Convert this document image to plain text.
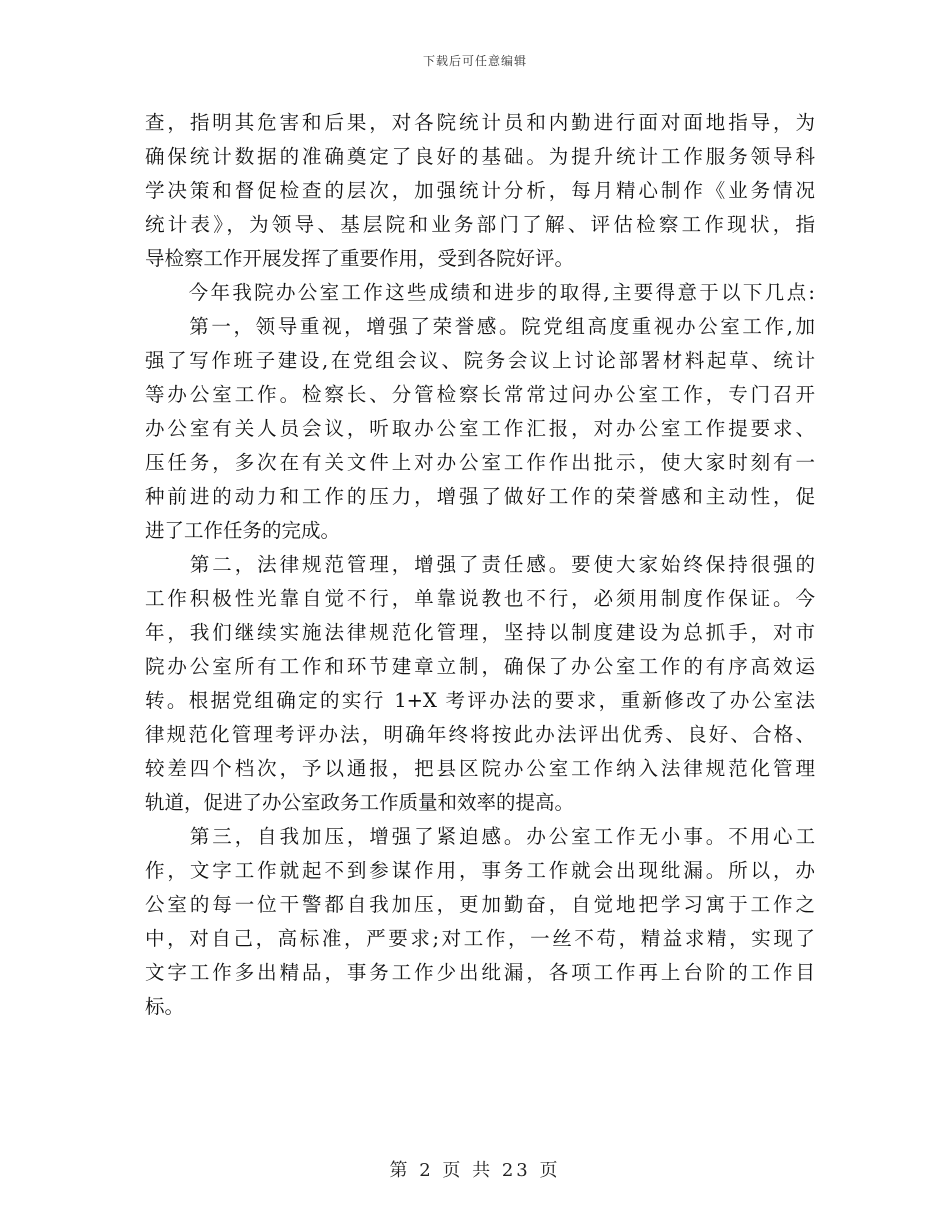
下载后可任意编辑
查，指明其危害和后果，对各院统计员和内勤进行面对面地指导，为
确保统计数据的准确奠定了良好的基础。为提升统计工作服务领导科
学决策和督促检查的层次，加强统计分析，每月精心制作《业务情况
统计表》，为领导、基层院和业务部门了解、评估检察工作现状，指
导检察工作开展发挥了重要作用，受到各院好评。
　　今年我院办公室工作这些成绩和进步的取得,主要得意于以下几点:
　　第一，领导重视，增强了荣誉感。院党组高度重视办公室工作,加
强了写作班子建设,在党组会议、院务会议上讨论部署材料起草、统计
等办公室工作。检察长、分管检察长常常过问办公室工作，专门召开
办公室有关人员会议，听取办公室工作汇报，对办公室工作提要求、
压任务，多次在有关文件上对办公室工作作出批示，使大家时刻有一
种前进的动力和工作的压力，增强了做好工作的荣誉感和主动性，促
进了工作任务的完成。
　　第二，法律规范管理，增强了责任感。要使大家始终保持很强的
工作积极性光靠自觉不行，单靠说教也不行，必须用制度作保证。今
年，我们继续实施法律规范化管理，坚持以制度建设为总抓手，对市
院办公室所有工作和环节建章立制，确保了办公室工作的有序高效运
转。根据党组确定的实行 1+X 考评办法的要求，重新修改了办公室法
律规范化管理考评办法，明确年终将按此办法评出优秀、良好、合格、
较差四个档次，予以通报，把县区院办公室工作纳入法律规范化管理
轨道，促进了办公室政务工作质量和效率的提高。
　　第三，自我加压，增强了紧迫感。办公室工作无小事。不用心工
作，文字工作就起不到参谋作用，事务工作就会出现纰漏。所以，办
公室的每一位干警都自我加压，更加勤奋，自觉地把学习寓于工作之
中，对自己，高标准，严要求;对工作，一丝不苟，精益求精，实现了
文字工作多出精品，事务工作少出纰漏，各项工作再上台阶的工作目
标。
第 2 页 共 23 页
